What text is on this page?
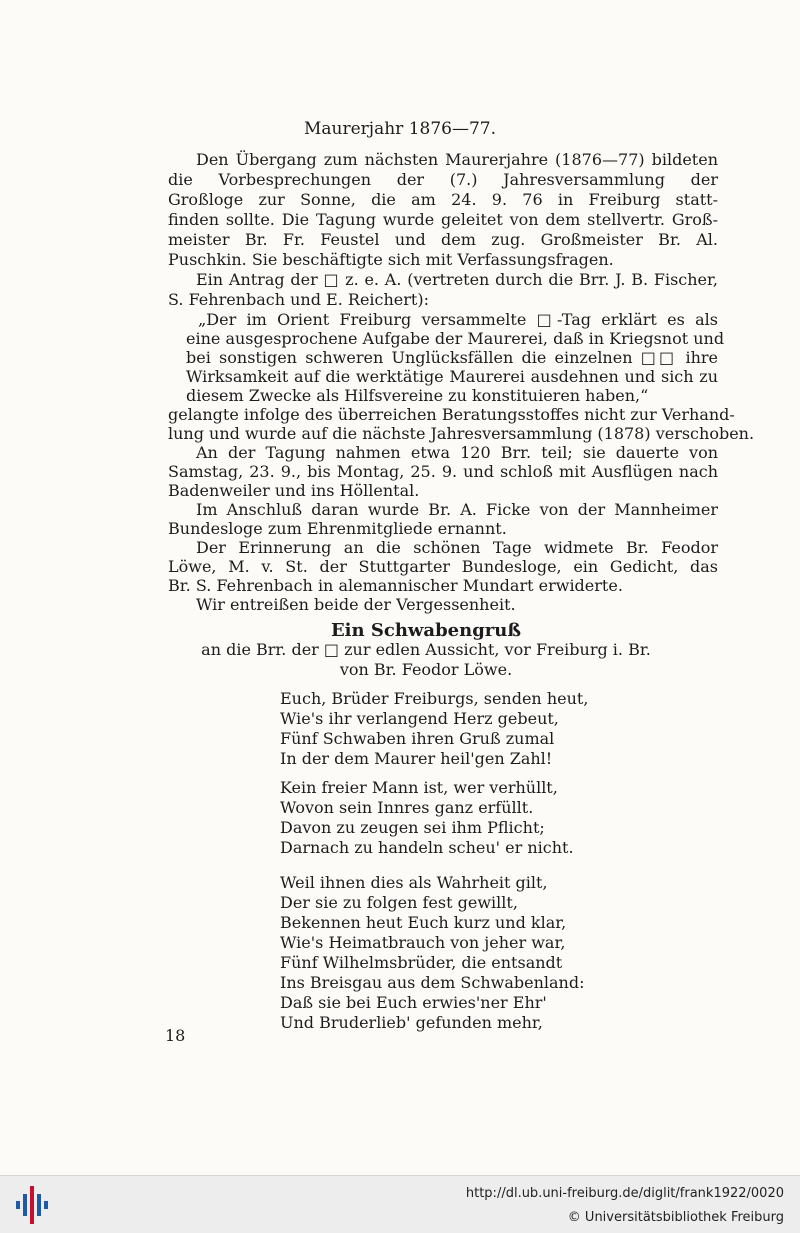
Maurerjahr 1876—77.
Den Übergang zum nächsten Maurerjahre (1876—77) bildeten
die Vorbesprechungen der (7.) Jahresversammlung der
Großloge zur Sonne, die am 24. 9. 76 in Freiburg statt-
finden sollte. Die Tagung wurde geleitet von dem stellvertr. Groß-
meister Br. Fr. Feustel und dem zug. Großmeister Br. Al.
Puschkin. Sie beschäftigte sich mit Verfassungsfragen.
Ein Antrag der □ z. e. A. (vertreten durch die Brr. J. B. Fischer,
S. Fehrenbach und E. Reichert):
„Der im Orient Freiburg versammelte □-Tag erklärt es als
eine ausgesprochene Aufgabe der Maurerei, daß in Kriegsnot und
bei sonstigen schweren Unglücksfällen die einzelnen □□ ihre
Wirksamkeit auf die werktätige Maurerei ausdehnen und sich zu
diesem Zwecke als Hilfsvereine zu konstituieren haben,“
gelangte infolge des überreichen Beratungsstoffes nicht zur Verhand-
lung und wurde auf die nächste Jahresversammlung (1878) verschoben.
An der Tagung nahmen etwa 120 Brr. teil; sie dauerte von
Samstag, 23. 9., bis Montag, 25. 9. und schloß mit Ausflügen nach
Badenweiler und ins Höllental.
Im Anschluß daran wurde Br. A. Ficke von der Mannheimer
Bundesloge zum Ehrenmitgliede ernannt.
Der Erinnerung an die schönen Tage widmete Br. Feodor
Löwe, M. v. St. der Stuttgarter Bundesloge, ein Gedicht, das
Br. S. Fehrenbach in alemannischer Mundart erwiderte.
Wir entreißen beide der Vergessenheit.
Ein Schwabengruß
an die Brr. der □ zur edlen Aussicht, vor Freiburg i. Br.
von Br. Feodor Löwe.
Euch, Brüder Freiburgs, senden heut,
Wie's ihr verlangend Herz gebeut,
Fünf Schwaben ihren Gruß zumal
In der dem Maurer heil'gen Zahl!
Kein freier Mann ist, wer verhüllt,
Wovon sein Innres ganz erfüllt.
Davon zu zeugen sei ihm Pflicht;
Darnach zu handeln scheu' er nicht.
Weil ihnen dies als Wahrheit gilt,
Der sie zu folgen fest gewillt,
Bekennen heut Euch kurz und klar,
Wie's Heimatbrauch von jeher war,
Fünf Wilhelmsbrüder, die entsandt
Ins Breisgau aus dem Schwabenland:
Daß sie bei Euch erwies'ner Ehr'
Und Bruderlieb' gefunden mehr,
18
http://dl.ub.uni-freiburg.de/diglit/frank1922/0020
© Universitätsbibliothek Freiburg
